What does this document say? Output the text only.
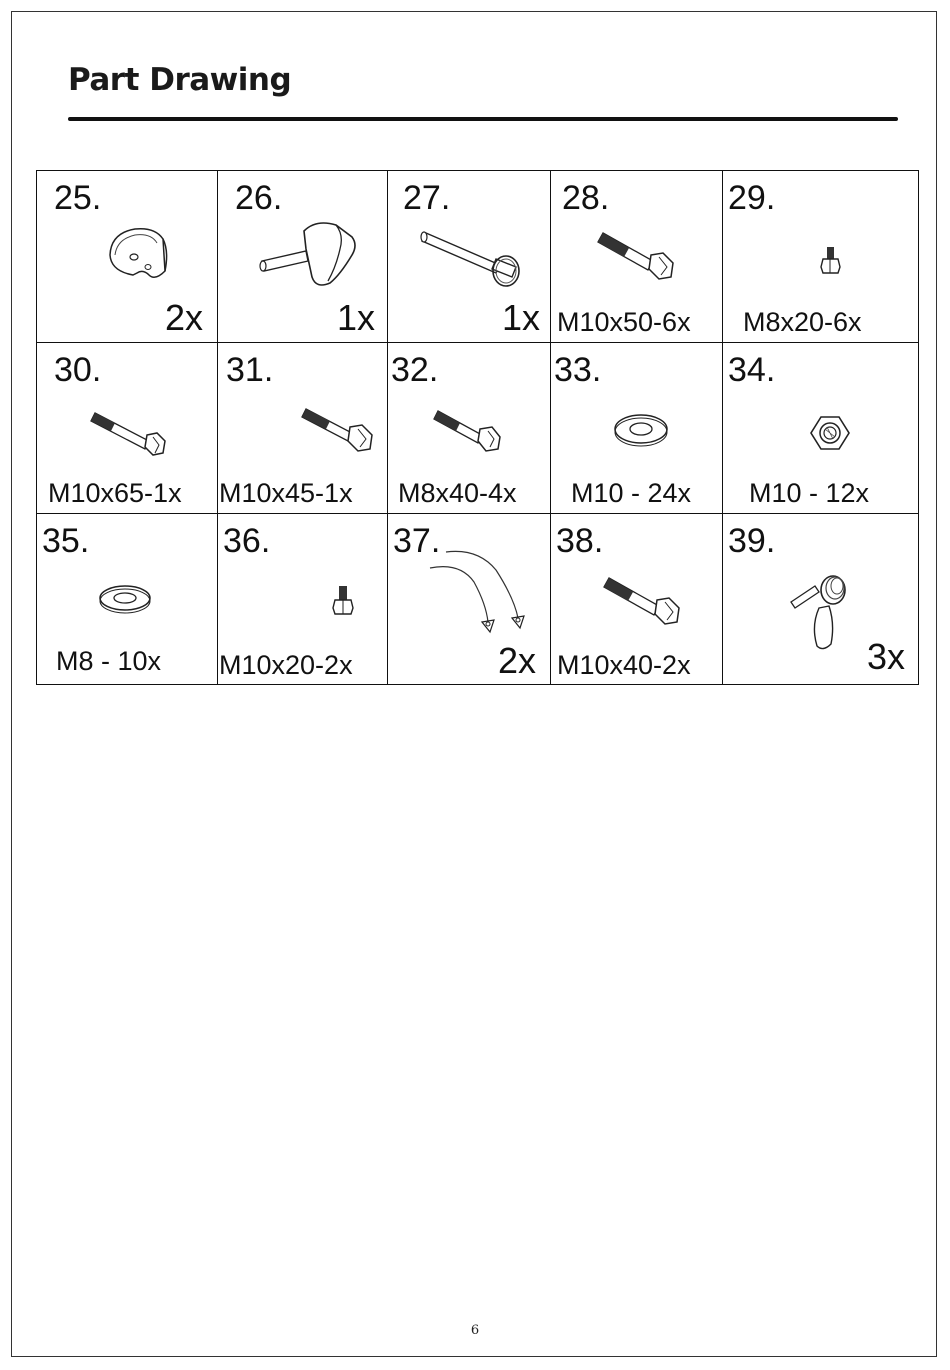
Part Drawing
25.
2x
26.
1x
27.
1x
28.
M10x50-6x
29.
M8x20-6x
30.
M10x65-1x
31.
M10x45-1x
32.
M8x40-4x
33.
M10 - 24x
34.
M10 - 12x
35.
M8 - 10x
36.
M10x20-2x
37.
2x
38.
M10x40-2x
39.
3x
6
